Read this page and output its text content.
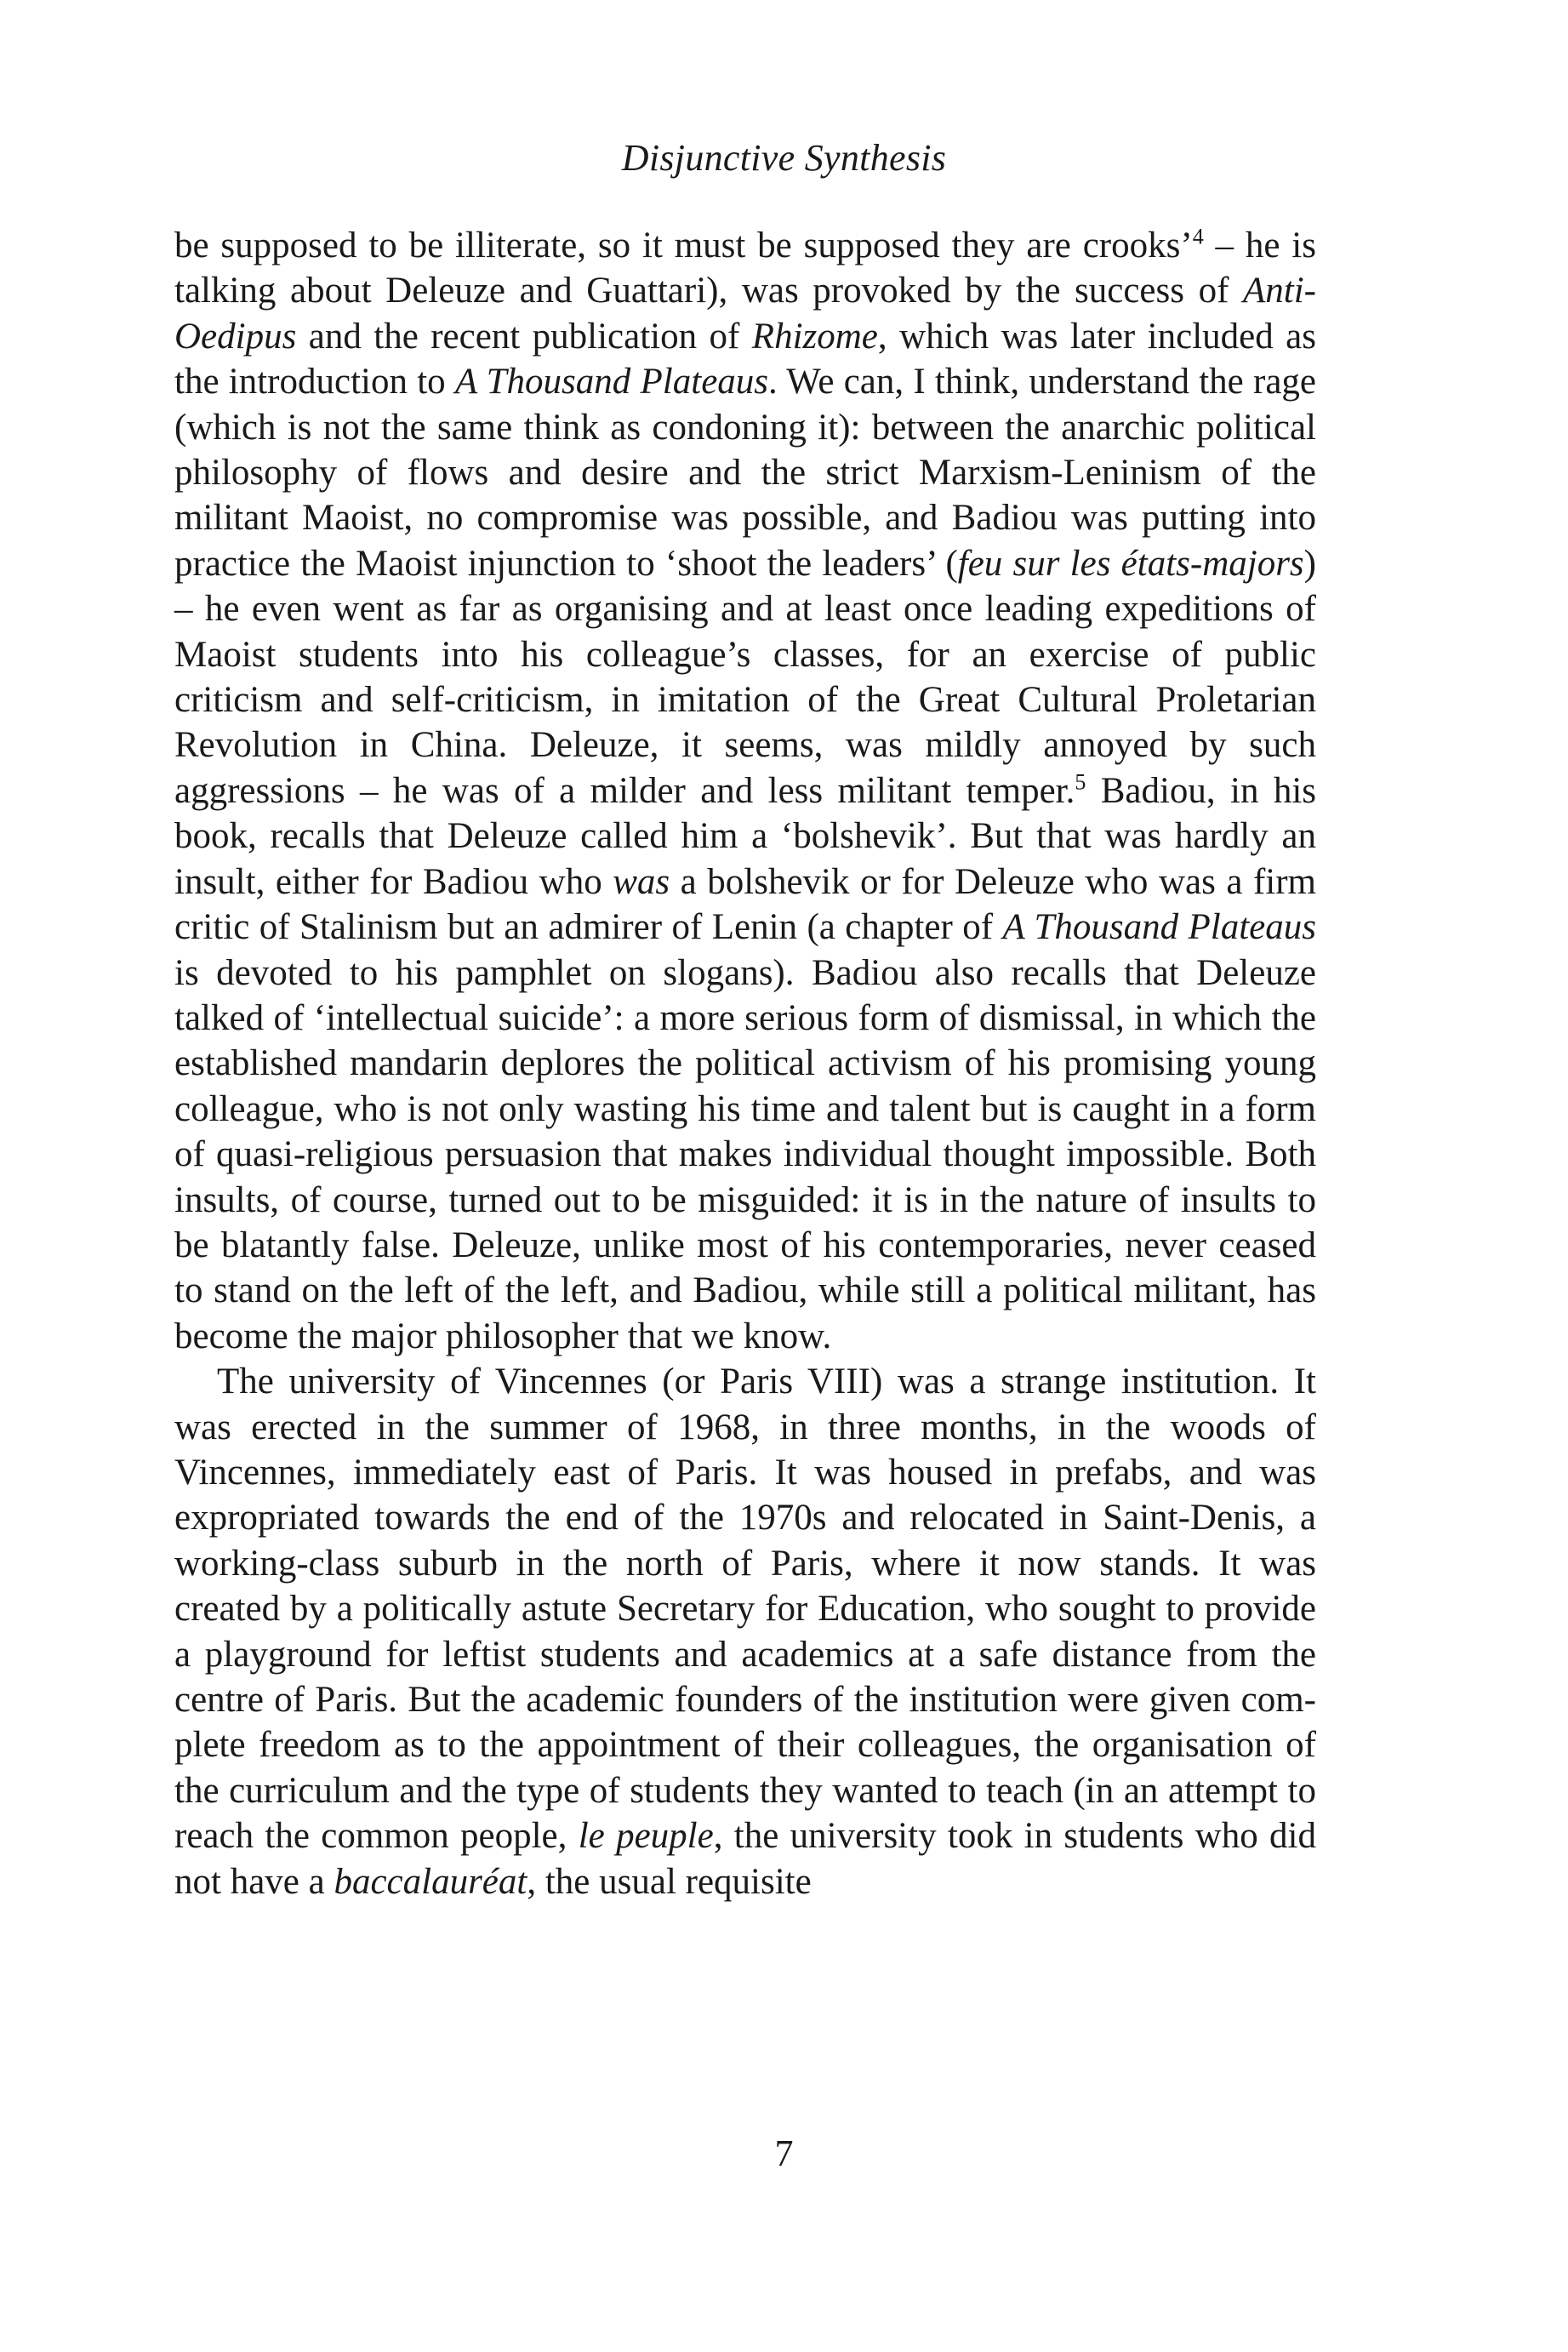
Disjunctive Synthesis

be supposed to be illiterate, so it must be supposed they are crooks’$^4$ – he is talking about Deleuze and Guattari), was provoked by the success of Anti-Oedipus and the recent publication of Rhizome, which was later included as the introduction to A Thousand Plateaus. We can, I think, understand the rage (which is not the same think as condoning it): between the anarchic political philosophy of flows and desire and the strict Marxism-Leninism of the militant Maoist, no compromise was possible, and Badiou was putting into practice the Maoist injunction to ‘shoot the leaders’ (feu sur les états-majors) – he even went as far as organising and at least once leading expeditions of Maoist students into his colleague’s classes, for an exercise of public criticism and self-criticism, in imitation of the Great Cultural Proletarian Revolution in China. Deleuze, it seems, was mildly annoyed by such aggressions – he was of a milder and less militant temper.$^5$ Badiou, in his book, recalls that Deleuze called him a ‘bolshevik’. But that was hardly an insult, either for Badiou who was a bolshevik or for Deleuze who was a firm critic of Stalinism but an admirer of Lenin (a chapter of A Thousand Plateaus is devoted to his pamphlet on slogans). Badiou also recalls that Deleuze talked of ‘intellectual suicide’: a more serious form of dismissal, in which the established mandarin deplores the political activism of his promising young colleague, who is not only wasting his time and talent but is caught in a form of quasi-religious persuasion that makes individual thought impossible. Both insults, of course, turned out to be misguided: it is in the nature of insults to be blatantly false. Deleuze, unlike most of his contemporaries, never ceased to stand on the left of the left, and Badiou, while still a political militant, has become the major philosopher that we know.

The university of Vincennes (or Paris VIII) was a strange institution. It was erected in the summer of 1968, in three months, in the woods of Vincennes, immediately east of Paris. It was housed in prefabs, and was expropriated towards the end of the 1970s and relocated in Saint-Denis, a working-class suburb in the north of Paris, where it now stands. It was created by a politically astute Secretary for Education, who sought to provide a playground for leftist students and academics at a safe distance from the centre of Paris. But the academic founders of the institution were given complete freedom as to the appointment of their colleagues, the organisation of the curriculum and the type of students they wanted to teach (in an attempt to reach the common people, le peuple, the university took in students who did not have a baccalauréat, the usual requisite

7
